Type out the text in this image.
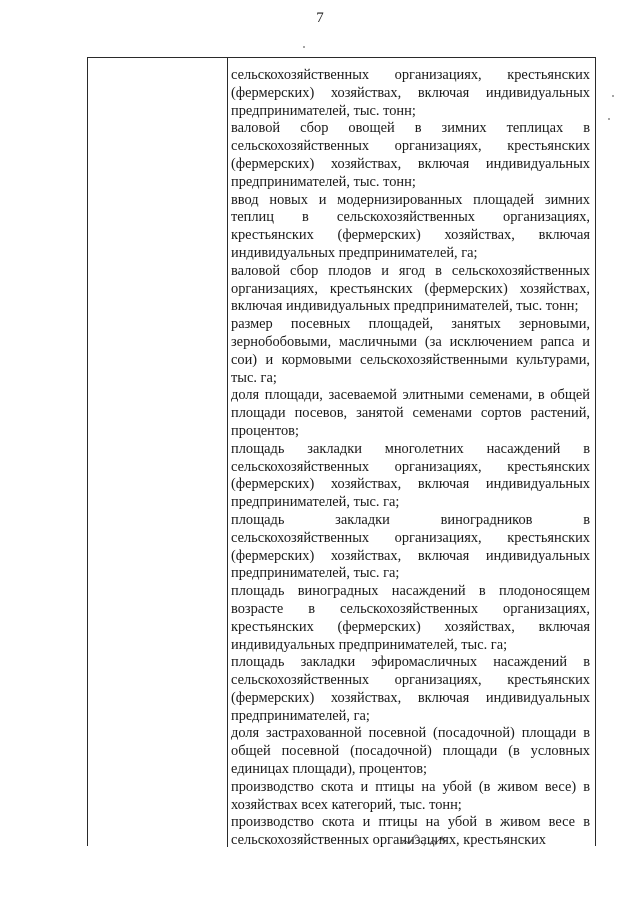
7

сельскохозяйственных организациях, крестьянских (фермерских) хозяйствах, включая индивидуальных предпринимателей, тыс. тонн;

валовой сбор овощей в зимних теплицах в сельскохозяйственных организациях, крестьянских (фермерских) хозяйствах, включая индивидуальных предпринимателей, тыс. тонн;

ввод новых и модернизированных площадей зимних теплиц в сельскохозяйственных организациях, крестьянских (фермерских) хозяйствах, включая индивидуальных предпринимателей, га;

валовой сбор плодов и ягод в сельскохозяйственных организациях, крестьянских (фермерских) хозяйствах, включая индивидуальных предпринимателей, тыс. тонн;

размер посевных площадей, занятых зерновыми, зернобобовыми, масличными (за исключением рапса и сои) и кормовыми сельскохозяйственными культурами, тыс. га;

доля площади, засеваемой элитными семенами, в общей площади посевов, занятой семенами сортов растений, процентов;

площадь закладки многолетних насаждений в сельскохозяйственных организациях, крестьянских (фермерских) хозяйствах, включая индивидуальных предпринимателей, тыс. га;

площадь закладки виноградников в сельскохозяйственных организациях, крестьянских (фермерских) хозяйствах, включая индивидуальных предпринимателей, тыс. га;

площадь виноградных насаждений в плодоносящем возрасте в сельскохозяйственных организациях, крестьянских (фермерских) хозяйствах, включая индивидуальных предпринимателей, тыс. га;

площадь закладки эфиромасличных насаждений в сельскохозяйственных организациях, крестьянских (фермерских) хозяйствах, включая индивидуальных предпринимателей, га;

доля застрахованной посевной (посадочной) площади в общей посевной (посадочной) площади (в условных единицах площади), процентов;

производство скота и птицы на убой (в живом весе) в хозяйствах всех категорий, тыс. тонн;

производство скота и птицы на убой в живом весе в сельскохозяйственных организациях, крестьянских
